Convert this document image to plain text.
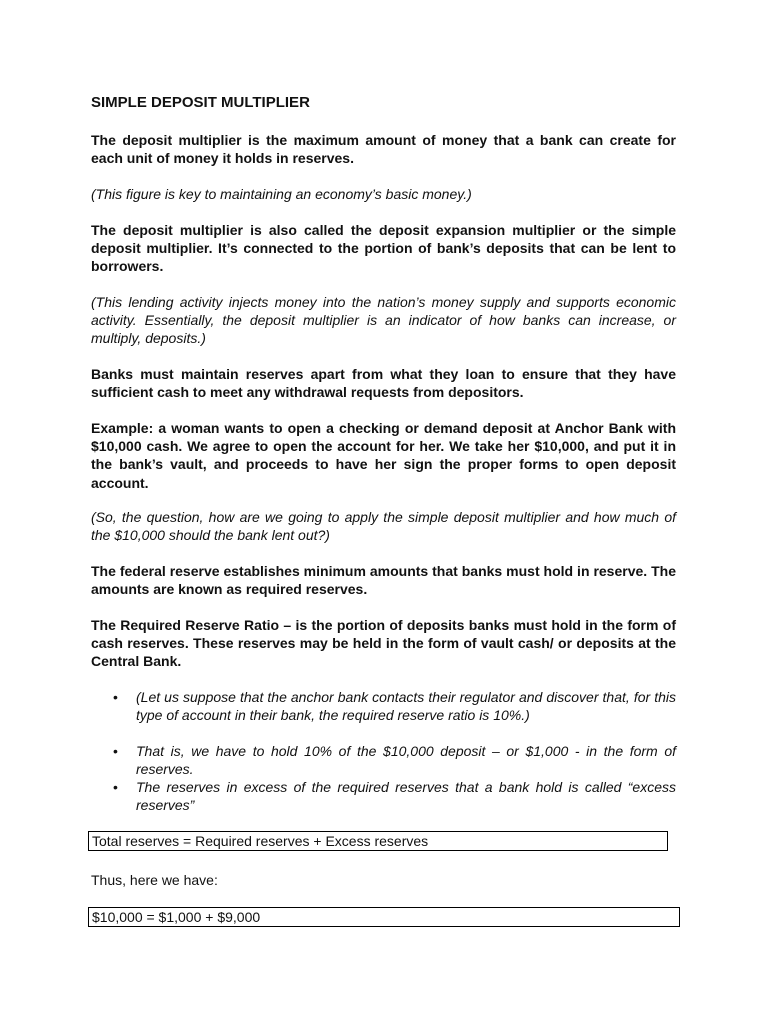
SIMPLE DEPOSIT MULTIPLIER

The deposit multiplier is the maximum amount of money that a bank can create for each unit of money it holds in reserves.

(This figure is key to maintaining an economy’s basic money.)

The deposit multiplier is also called the deposit expansion multiplier or the simple deposit multiplier. It’s connected to the portion of bank’s deposits that can be lent to borrowers.

(This lending activity injects money into the nation’s money supply and supports economic activity. Essentially, the deposit multiplier is an indicator of how banks can increase, or multiply, deposits.)

Banks must maintain reserves apart from what they loan to ensure that they have sufficient cash to meet any withdrawal requests from depositors.

Example: a woman wants to open a checking or demand deposit at Anchor Bank with $10,000 cash. We agree to open the account for her. We take her $10,000, and put it in the bank’s vault, and proceeds to have her sign the proper forms to open deposit account.

(So, the question, how are we going to apply the simple deposit multiplier and how much of the $10,000 should the bank lent out?)

The federal reserve establishes minimum amounts that banks must hold in reserve. The amounts are known as required reserves.

The Required Reserve Ratio – is the portion of deposits banks must hold in the form of cash reserves. These reserves may be held in the form of vault cash/ or deposits at the Central Bank.

• (Let us suppose that the anchor bank contacts their regulator and discover that, for this type of account in their bank, the required reserve ratio is 10%.)
• That is, we have to hold 10% of the $10,000 deposit – or $1,000 - in the form of reserves.
• The reserves in excess of the required reserves that a bank hold is called “excess reserves”
Total reserves = Required reserves + Excess reserves

Thus, here we have:

$10,000 = $1,000 + $9,000
